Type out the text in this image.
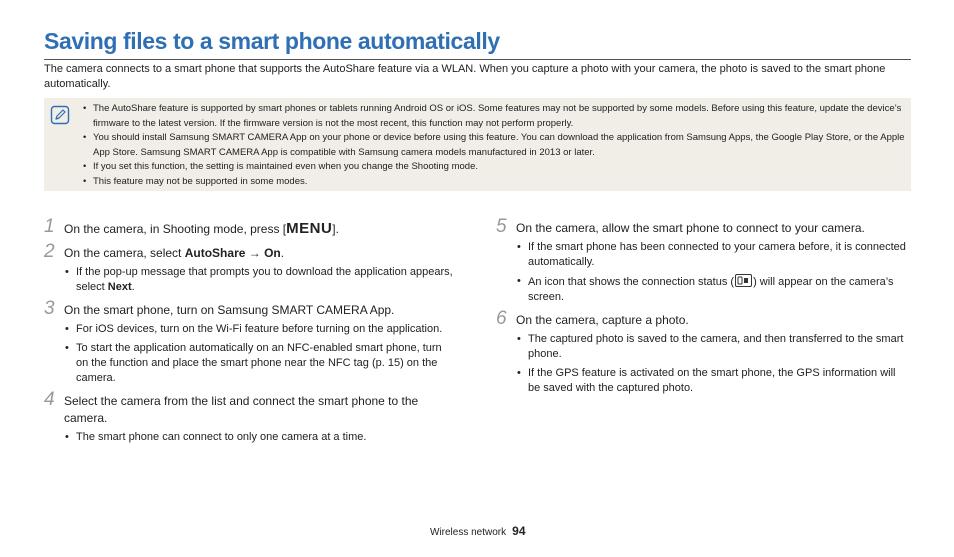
Saving files to a smart phone automatically

The camera connects to a smart phone that supports the AutoShare feature via a WLAN. When you capture a photo with your camera, the photo is saved to the smart phone automatically.

• The AutoShare feature is supported by smart phones or tablets running Android OS or iOS. Some features may not be supported by some models. Before using this feature, update the device’s firmware to the latest version. If the firmware version is not the most recent, this function may not perform properly.
• You should install Samsung SMART CAMERA App on your phone or device before using this feature. You can download the application from Samsung Apps, the Google Play Store, or the Apple App Store. Samsung SMART CAMERA App is compatible with Samsung camera models manufactured in 2013 or later.
• If you set this function, the setting is maintained even when you change the Shooting mode.
• This feature may not be supported in some modes.
1 On the camera, in Shooting mode, press [MENU].
2 On the camera, select AutoShare → On.
• If the pop-up message that prompts you to download the application appears, select Next.
3 On the smart phone, turn on Samsung SMART CAMERA App.
• For iOS devices, turn on the Wi-Fi feature before turning on the application.
• To start the application automatically on an NFC-enabled smart phone, turn on the function and place the smart phone near the NFC tag (p. 15) on the camera.
4 Select the camera from the list and connect the smart phone to the camera.
• The smart phone can connect to only one camera at a time.
5 On the camera, allow the smart phone to connect to your camera.
• If the smart phone has been connected to your camera before, it is connected automatically.
• An icon that shows the connection status ( ) will appear on the camera’s screen.
6 On the camera, capture a photo.
• The captured photo is saved to the camera, and then transferred to the smart phone.
• If the GPS feature is activated on the smart phone, the GPS information will be saved with the captured photo.
Wireless network 94
